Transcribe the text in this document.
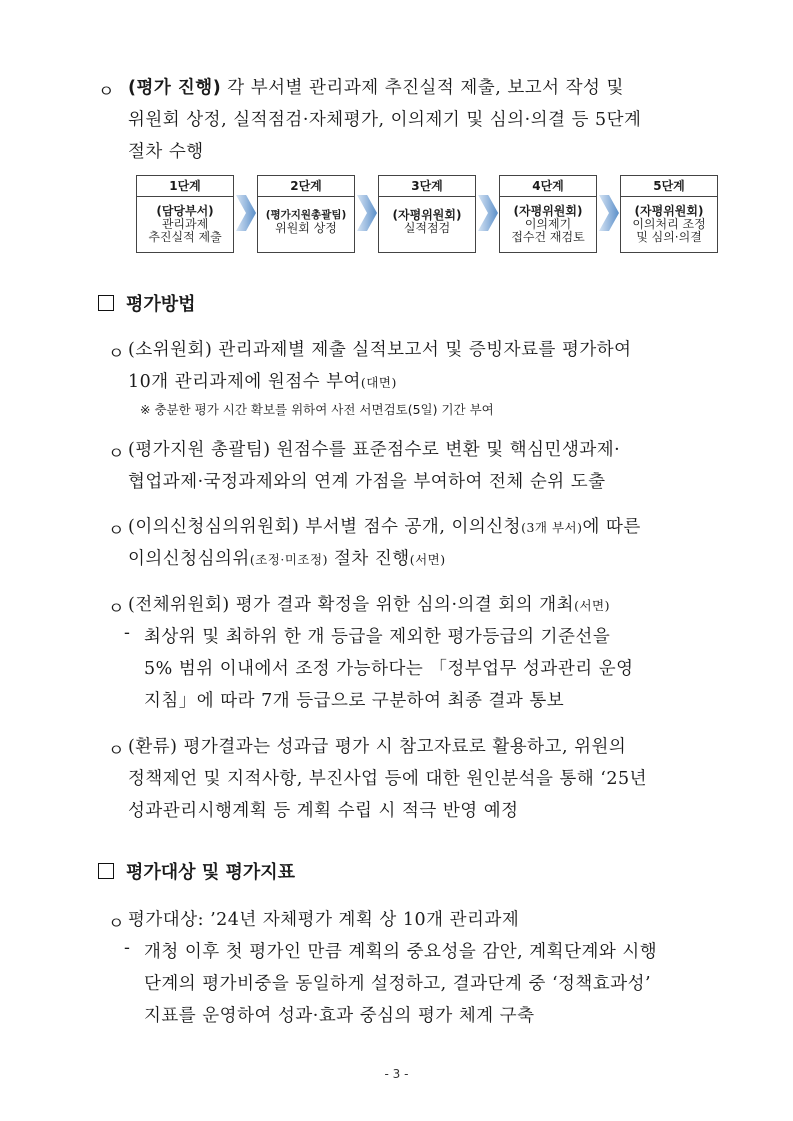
ㅇ (평가 진행) 각 부서별 관리과제 추진실적 제출, 보고서 작성 및
위원회 상정, 실적점검·자체평가, 이의제기 및 심의·의결 등 5단계
절차 수행
1단계
(담당부서)
관리과제
추진실적 제출
2단계
(평가지원총괄팀)
위원회 상정
3단계
(자평위원회)
실적점검
4단계
(자평위원회)
이의제기
접수건 재검토
5단계
(자평위원회)
이의처리 조정
및 심의·의결
평가방법
ㅇ (소위원회) 관리과제별 제출 실적보고서 및 증빙자료를 평가하여
10개 관리과제에 원점수 부여(대면)
※ 충분한 평가 시간 확보를 위하여 사전 서면검토(5일) 기간 부여
ㅇ (평가지원 총괄팀) 원점수를 표준점수로 변환 및 핵심민생과제·
협업과제·국정과제와의 연계 가점을 부여하여 전체 순위 도출
ㅇ (이의신청심의위원회) 부서별 점수 공개, 이의신청(3개 부서)에 따른
이의신청심의위(조정·미조정) 절차 진행(서면)
ㅇ (전체위원회) 평가 결과 확정을 위한 심의·의결 회의 개최(서면)
- 최상위 및 최하위 한 개 등급을 제외한 평가등급의 기준선을
5% 범위 이내에서 조정 가능하다는 「정부업무 성과관리 운영
지침」에 따라 7개 등급으로 구분하여 최종 결과 통보
ㅇ (환류) 평가결과는 성과급 평가 시 참고자료로 활용하고, 위원의
정책제언 및 지적사항, 부진사업 등에 대한 원인분석을 통해 ‘25년
성과관리시행계획 등 계획 수립 시 적극 반영 예정
평가대상 및 평가지표
ㅇ 평가대상: ’24년 자체평가 계획 상 10개 관리과제
- 개청 이후 첫 평가인 만큼 계획의 중요성을 감안, 계획단계와 시행
단계의 평가비중을 동일하게 설정하고, 결과단계 중 ‘정책효과성’
지표를 운영하여 성과·효과 중심의 평가 체계 구축
- 3 -
